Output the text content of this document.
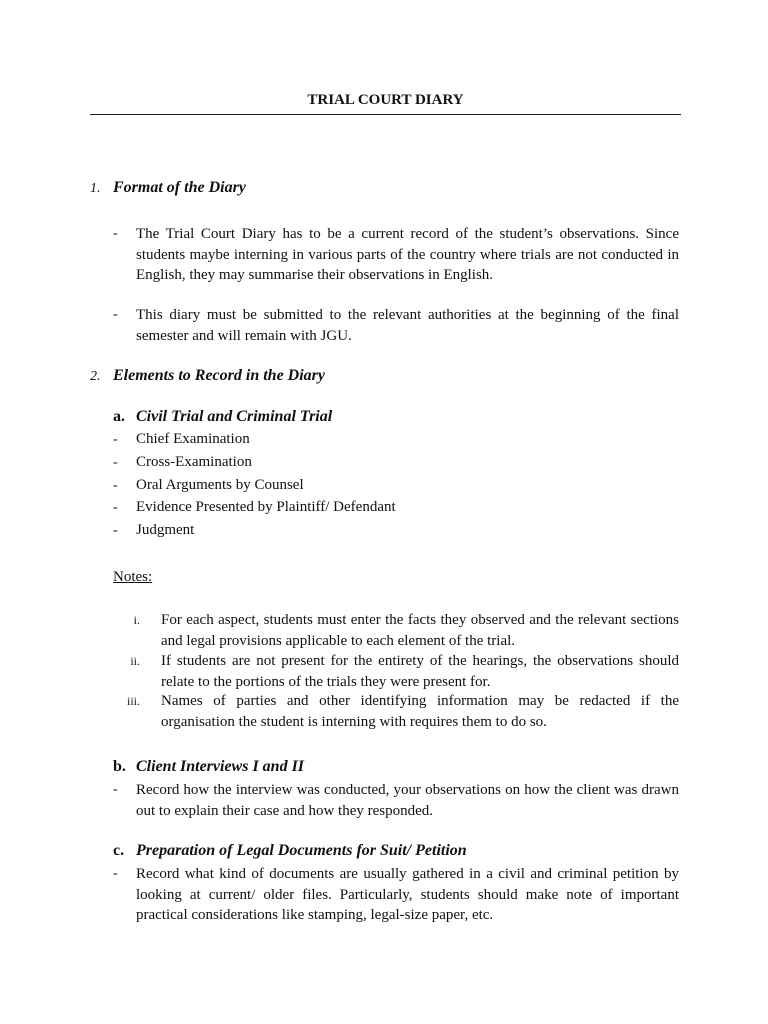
TRIAL COURT DIARY
1. Format of the Diary
- The Trial Court Diary has to be a current record of the student’s observations. Since students maybe interning in various parts of the country where trials are not conducted in English, they may summarise their observations in English.
- This diary must be submitted to the relevant authorities at the beginning of the final semester and will remain with JGU.
2. Elements to Record in the Diary
a. Civil Trial and Criminal Trial
- Chief Examination
- Cross-Examination
- Oral Arguments by Counsel
- Evidence Presented by Plaintiff/ Defendant
- Judgment
Notes:
i. For each aspect, students must enter the facts they observed and the relevant sections and legal provisions applicable to each element of the trial.
ii. If students are not present for the entirety of the hearings, the observations should relate to the portions of the trials they were present for.
iii. Names of parties and other identifying information may be redacted if the organisation the student is interning with requires them to do so.
b. Client Interviews I and II
- Record how the interview was conducted, your observations on how the client was drawn out to explain their case and how they responded.
c. Preparation of Legal Documents for Suit/ Petition
- Record what kind of documents are usually gathered in a civil and criminal petition by looking at current/ older files. Particularly, students should make note of important practical considerations like stamping, legal-size paper, etc.
